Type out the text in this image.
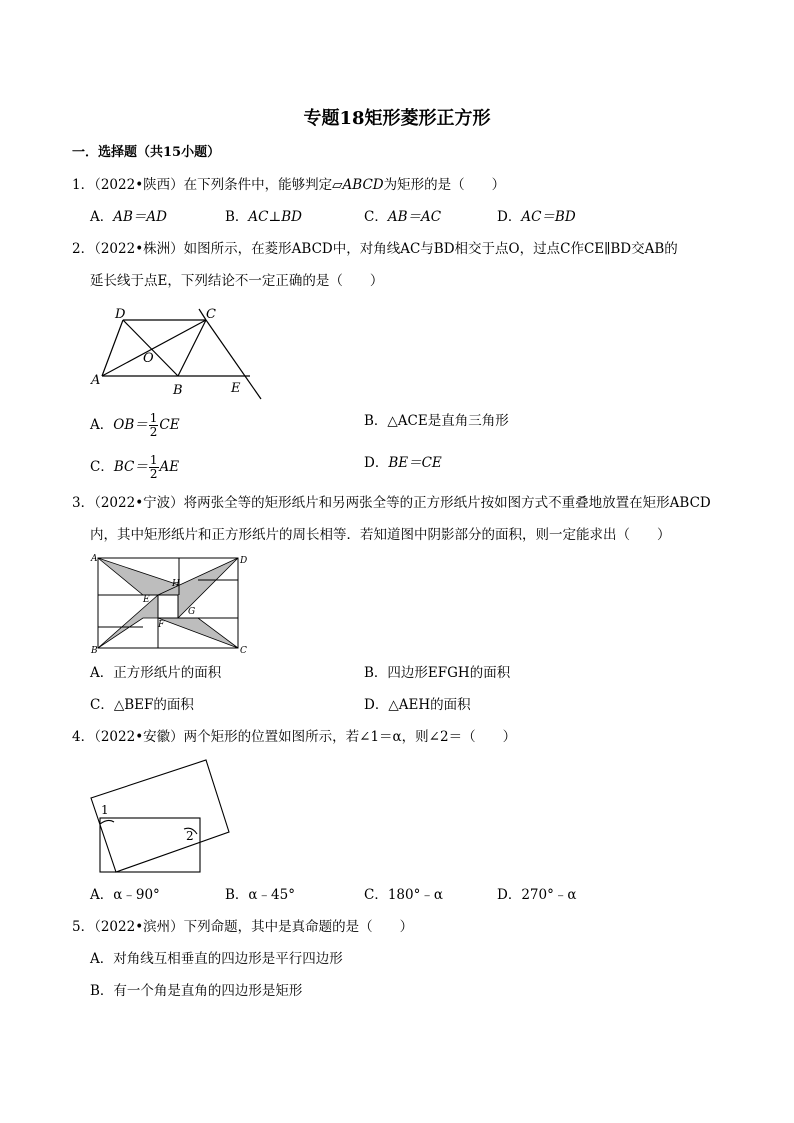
专题18矩形菱形正方形
一．选择题（共15小题）
1．（2022•陕西）在下列条件中，能够判定▱ABCD为矩形的是（　　）
A．AB＝AD	B．AC⊥BD	C．AB＝AC	D．AC＝BD
2．（2022•株洲）如图所示，在菱形ABCD中，对角线AC与BD相交于点O，过点C作CE∥BD交AB的
延长线于点E，下列结论不一定正确的是（　　）
A
B
C
D
O
E
A．$OB= \frac{1}{2}$ CE	B．△ACE是直角三角形
C．$BC= \frac{1}{2}$ AE	D．BE＝CE
3．（2022•宁波）将两张全等的矩形纸片和另两张全等的正方形纸片按如图方式不重叠地放置在矩形ABCD
内，其中矩形纸片和正方形纸片的周长相等．若知道图中阴影部分的面积，则一定能求出（　　）
A
B	C
D
E
F
G
H
A．正方形纸片的面积	B．四边形EFGH的面积
C．△BEF的面积	D．△AEH的面积
4．（2022•安徽）两个矩形的位置如图所示，若∠1＝α，则∠2＝（　　）
1
2
A．α﹣90°	B．α﹣45°	C．180°﹣α	D．270°﹣α
5．（2022•滨州）下列命题，其中是真命题的是（　　）
A．对角线互相垂直的四边形是平行四边形
B．有一个角是直角的四边形是矩形
